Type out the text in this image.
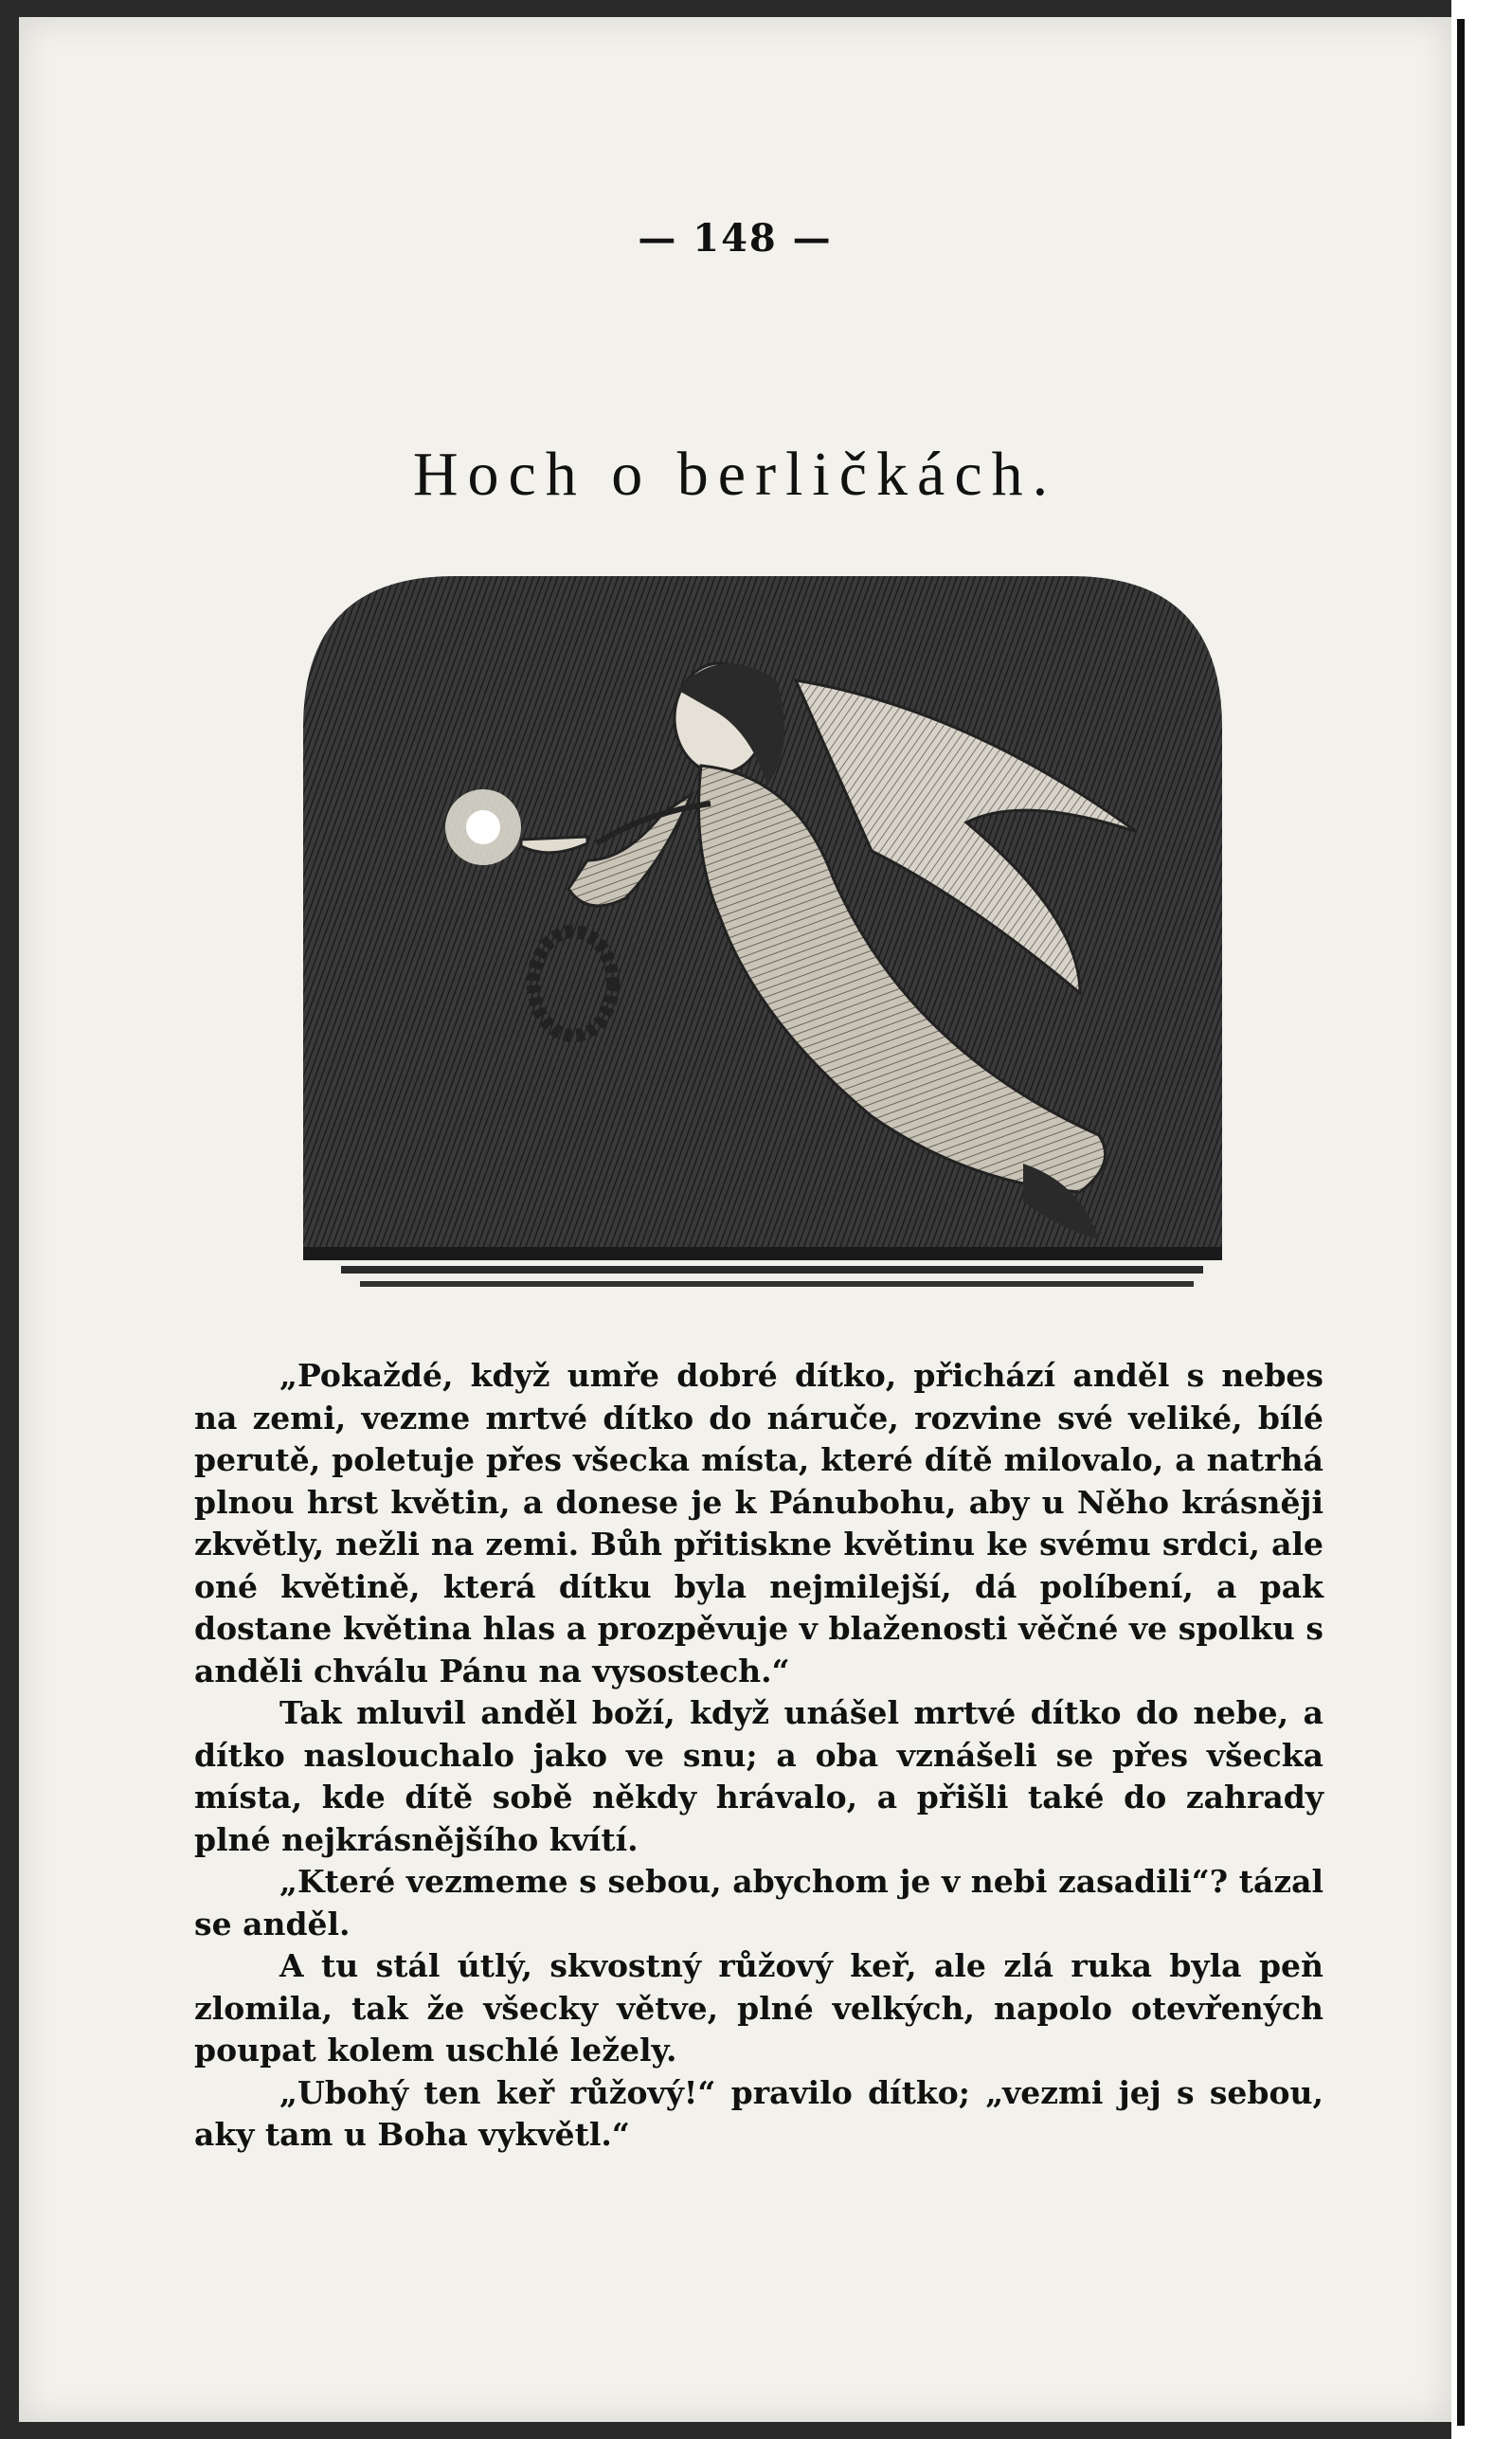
— 148 —
Hoch o berličkách.

„Pokaždé, když umře dobré dítko, přichází anděl s nebes na zemi, vezme mrtvé dítko do náruče, rozvine své veliké, bílé perutě, poletuje přes všecka místa, které dítě milovalo, a natrhá plnou hrst květin, a donese je k Pánubohu, aby u Něho krásněji zkvětly, nežli na zemi. Bůh přitiskne květinu ke svému srdci, ale oné květině, která dítku byla nejmilejší, dá políbení, a pak dostane květina hlas a prozpěvuje v blaženosti věčné ve spolku s anděli chválu Pánu na vysostech.“

Tak mluvil anděl boží, když unášel mrtvé dítko do nebe, a dítko naslouchalo jako ve snu; a oba vznášeli se přes všecka místa, kde dítě sobě někdy hrávalo, a přišli také do zahrady plné nejkrásnějšího kvítí.

„Které vezmeme s sebou, abychom je v nebi zasadili“? tázal se anděl.

A tu stál útlý, skvostný růžový keř, ale zlá ruka byla peň zlomila, tak že všecky větve, plné velkých, napolo otevřených poupat kolem uschlé ležely.

„Ubohý ten keř růžový!“ pravilo dítko; „vezmi jej s sebou, aky tam u Boha vykvětl.“
